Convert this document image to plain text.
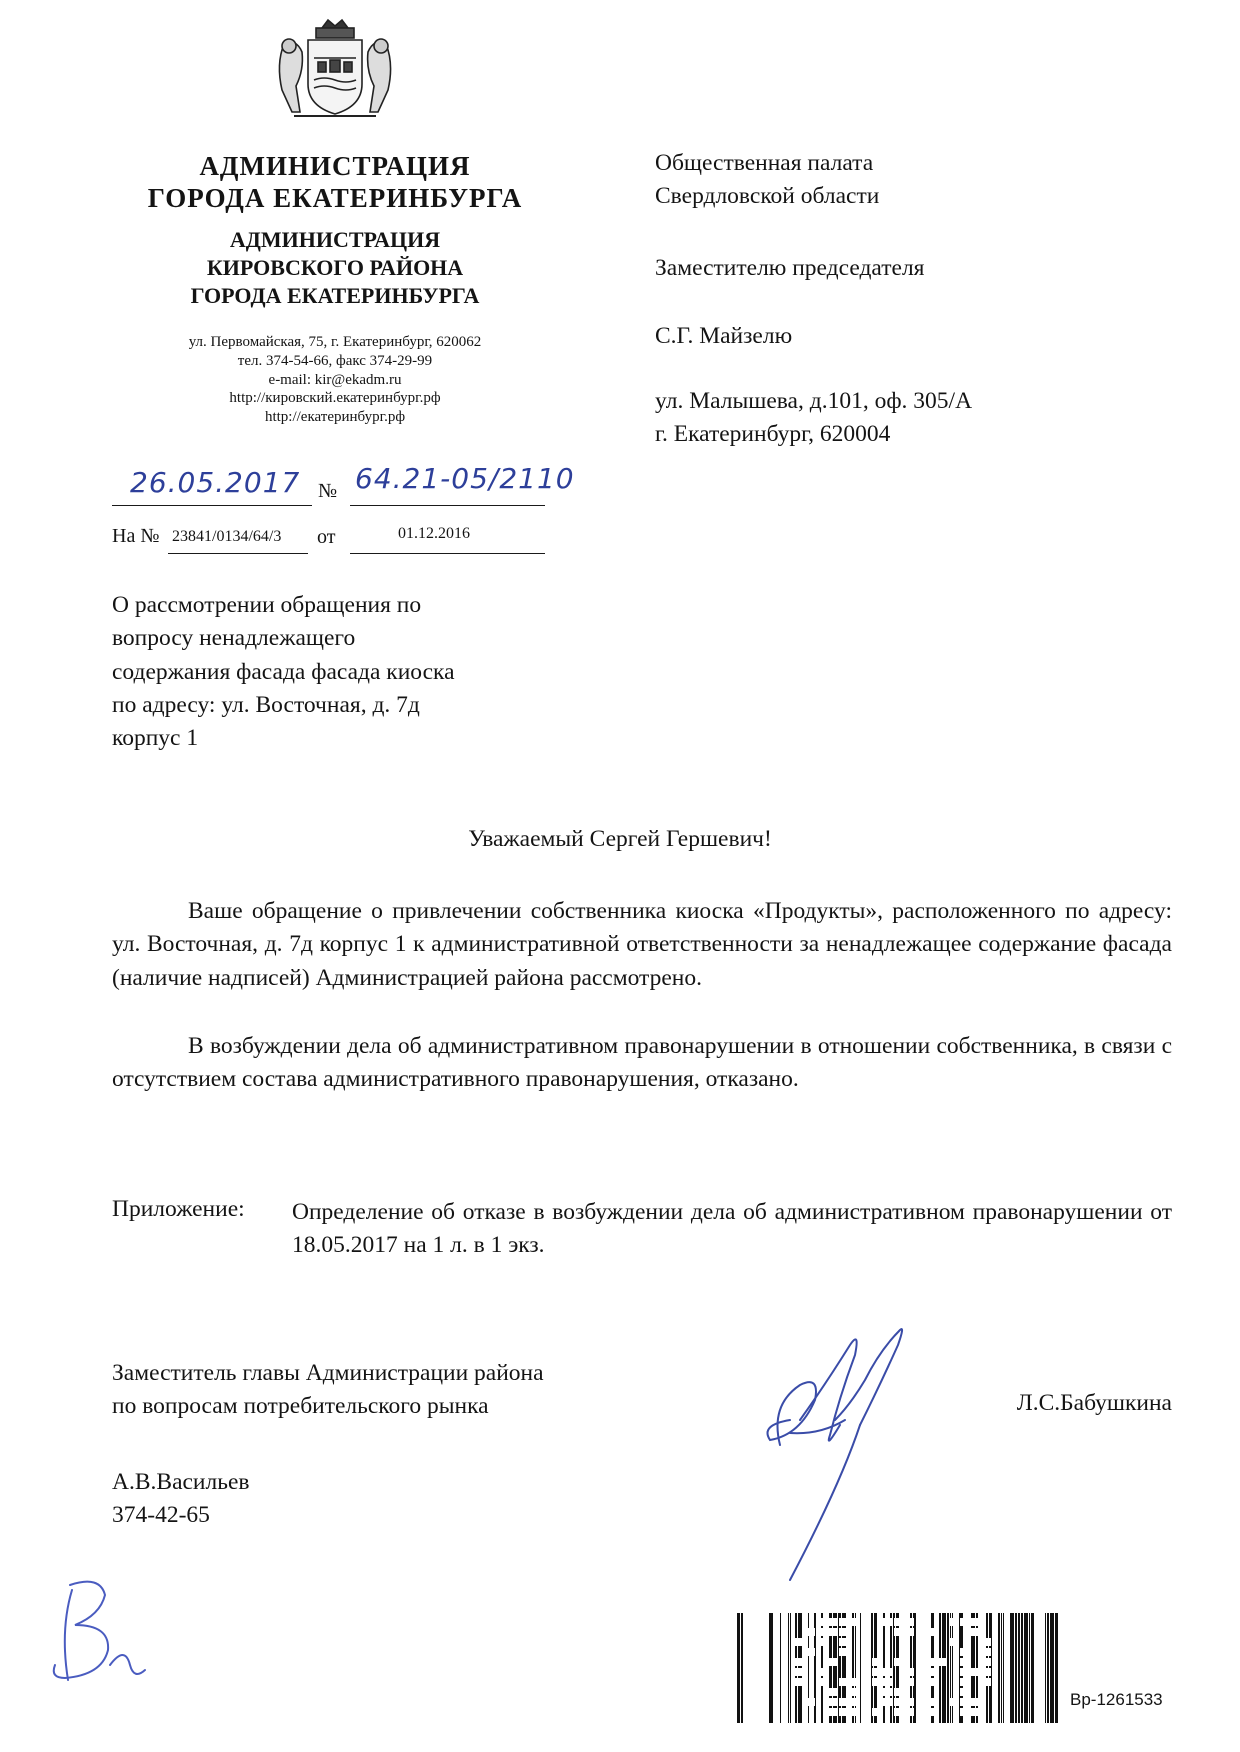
АДМИНИСТРАЦИЯ
ГОРОДА ЕКАТЕРИНБУРГА
АДМИНИСТРАЦИЯ
КИРОВСКОГО РАЙОНА
ГОРОДА ЕКАТЕРИНБУРГА
ул. Первомайская, 75, г. Екатеринбург, 620062
тел. 374-54-66, факс 374-29-99
e-mail: kir@ekadm.ru
http://кировский.екатеринбург.рф
http://екатеринбург.рф
26.05.2017 № 64.21-05/2110
На № 23841/0134/64/3 от	01.12.2016
Общественная палата
Свердловской области
Заместителю председателя
С.Г. Майзелю
ул. Малышева, д.101, оф. 305/А
г. Екатеринбург, 620004
О рассмотрении обращения по
вопросу ненадлежащего
содержания фасада фасада киоска
по адресу: ул. Восточная, д. 7д
корпус 1
Уважаемый Сергей Гершевич!
Ваше обращение о привлечении собственника киоска «Продукты», расположенного по адресу: ул. Восточная, д. 7д корпус 1 к административной ответственности за ненадлежащее содержание фасада (наличие надписей) Администрацией района рассмотрено.
В возбуждении дела об административном правонарушении в отношении собственника, в связи с отсутствием состава административного правонарушения, отказано.
Приложение: Определение об отказе в возбуждении дела об административном правонарушении от 18.05.2017 на 1 л. в 1 экз.
Заместитель главы Администрации района
по вопросам потребительского рынка	Л.С.Бабушкина
А.В.Васильев
374-42-65
Вр-1261533
